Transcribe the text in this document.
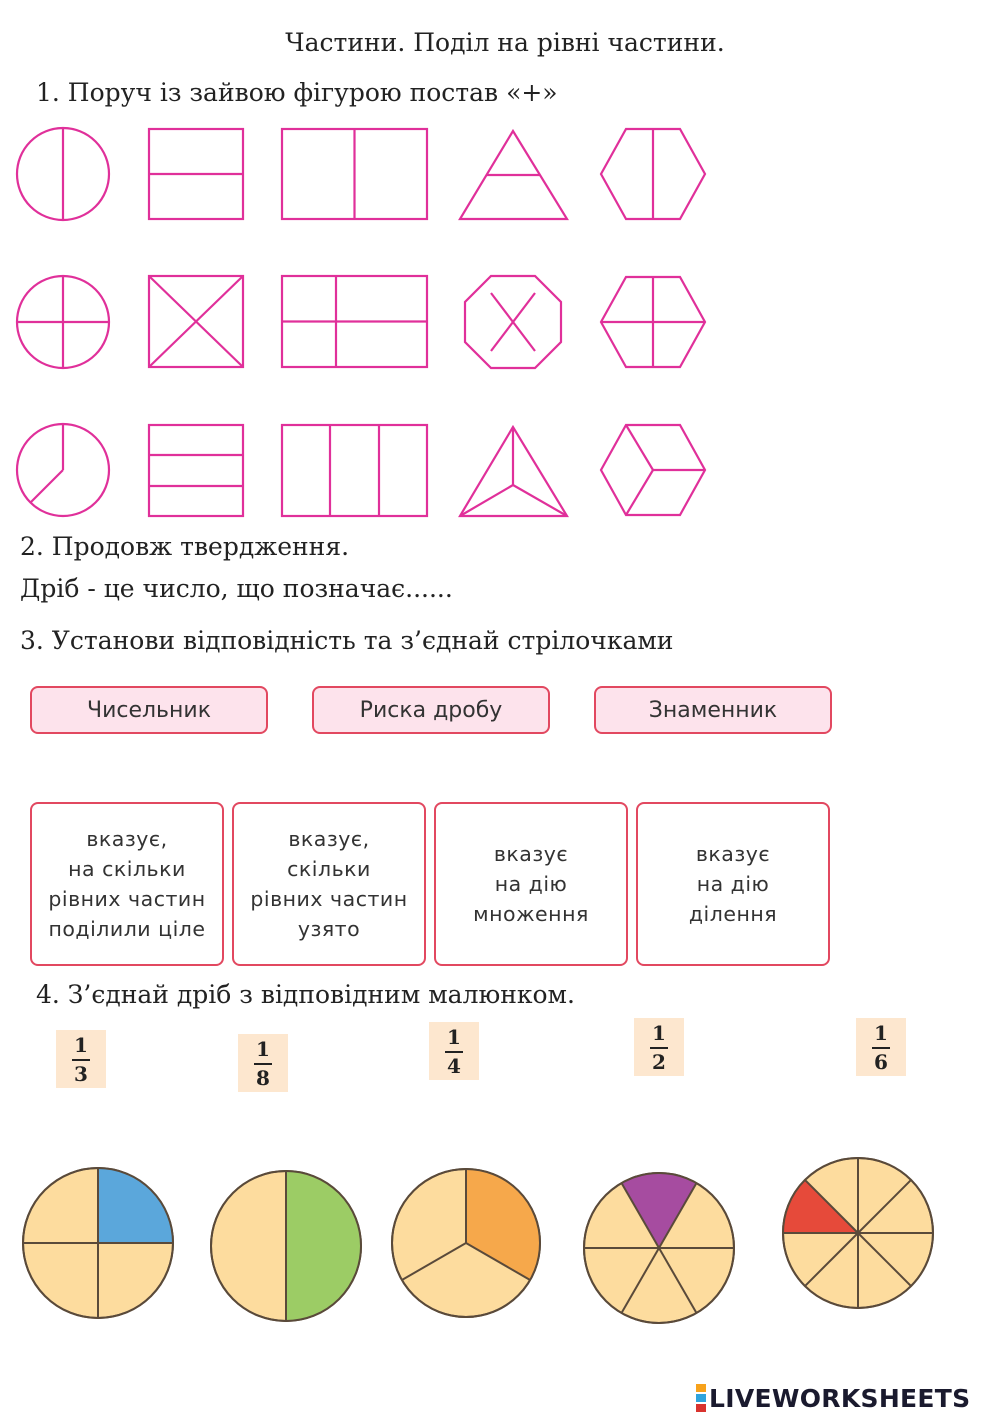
Частини. Поділ на рівні частини.
1. Поруч із зайвою фігурою постав «+»
2. Продовж твердження.
Дріб - це число, що позначає......
3. Установи відповідність та з’єднай стрілочками
Чисельник	Риска дробу	Знаменник
вказує,
на скільки
рівних частин
поділили ціле
вказує,
скільки
рівних частин
узято
вказує
на дію
множення
вказує
на дію
ділення
4. З’єднай дріб з відповідним малюнком.
1
3
1
8
1
4
1
2
1
6
LIVEWORKSHEETS
